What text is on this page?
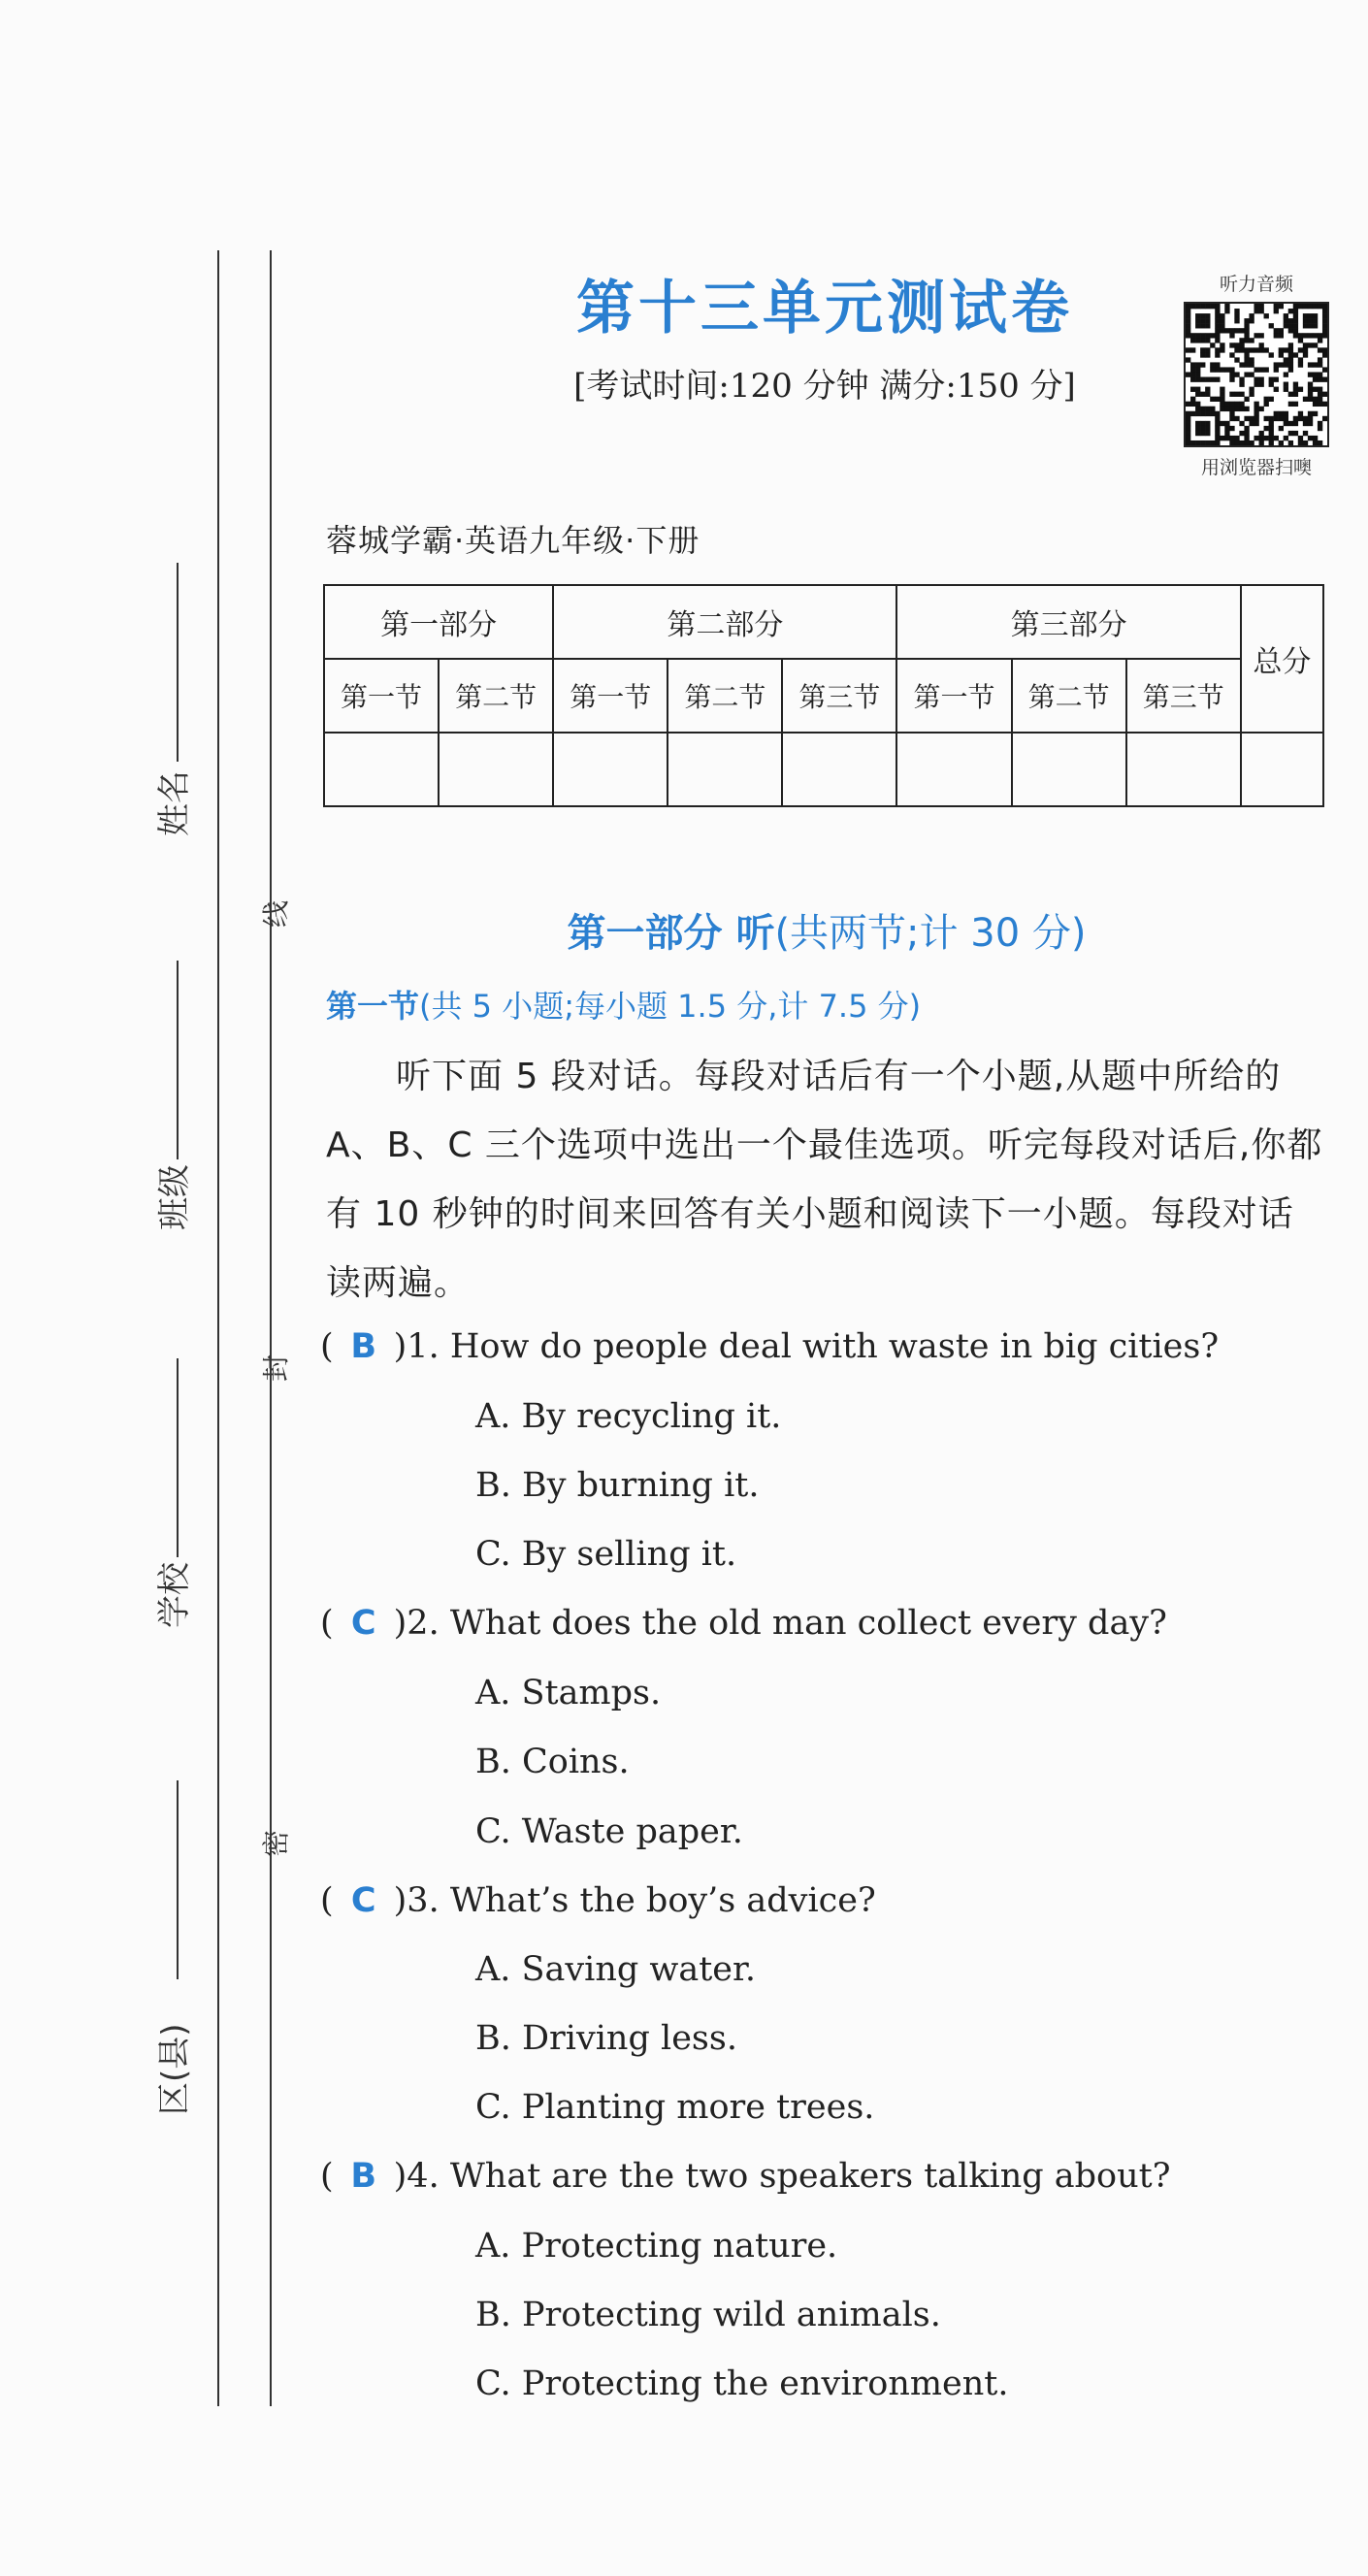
姓名
班级
学校
区(县)
线
封
密
第十三单元测试卷
[考试时间:120 分钟 满分:150 分]
听力音频
用浏览器扫噢
蓉城学霸·英语九年级·下册
第一部分		第二部分			第三部分			总分
第一节	第二节	第一节	第二节	第三节	第一节	第二节	第三节	

第一部分 听(共两节;计 30 分)
第一节(共 5 小题;每小题 1.5 分,计 7.5 分)
听下面 5 段对话。每段对话后有一个小题,从题中所给的 A、B、C 三个选项中选出一个最佳选项。听完每段对话后,你都有 10 秒钟的时间来回答有关小题和阅读下一小题。每段对话读两遍。
( B )1. How do people deal with waste in big cities?
A. By recycling it.
B. By burning it.
C. By selling it.
( C )2. What does the old man collect every day?
A. Stamps.
B. Coins.
C. Waste paper.
( C )3. What’s the boy’s advice?
A. Saving water.
B. Driving less.
C. Planting more trees.
( B )4. What are the two speakers talking about?
A. Protecting nature.
B. Protecting wild animals.
C. Protecting the environment.
